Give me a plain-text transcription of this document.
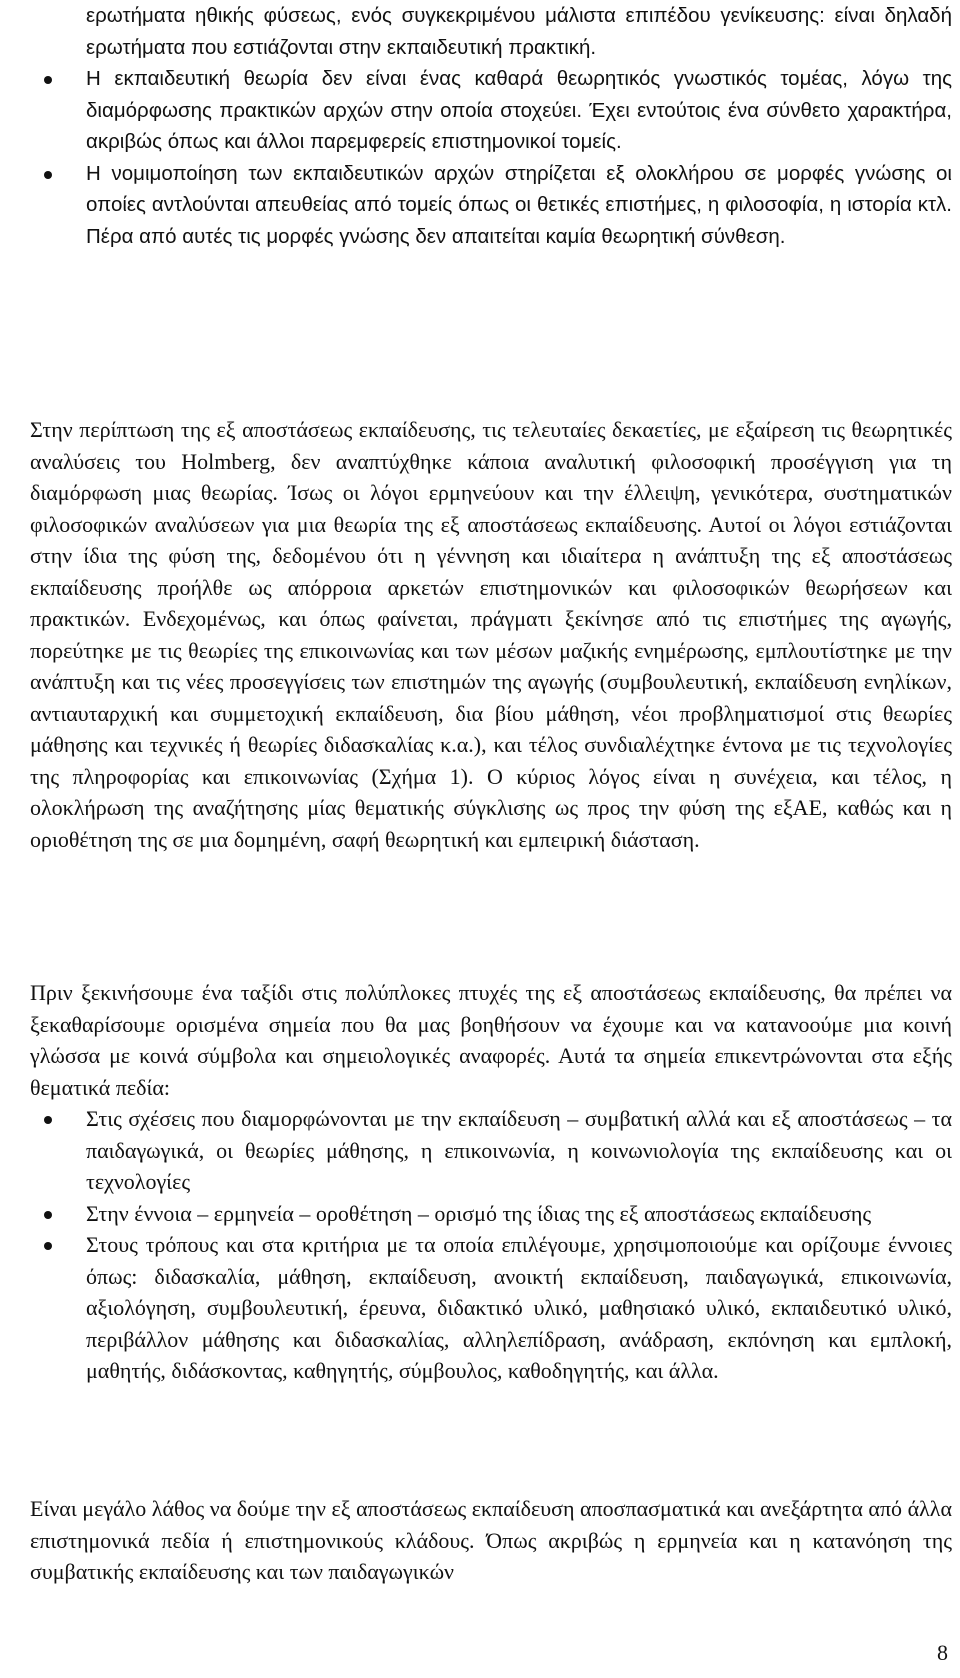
ερωτήματα ηθικής φύσεως, ενός συγκεκριμένου μάλιστα επιπέδου γενίκευσης: είναι δηλαδή ερωτήματα που εστιάζονται στην εκπαιδευτική πρακτική.

Η εκπαιδευτική θεωρία δεν είναι ένας καθαρά θεωρητικός γνωστικός τομέας, λόγω της διαμόρφωσης πρακτικών αρχών στην οποία στοχεύει. Έχει εντούτοις ένα σύνθετο χαρακτήρα, ακριβώς όπως και άλλοι παρεμφερείς επιστημονικοί τομείς.
Η νομιμοποίηση των εκπαιδευτικών αρχών στηρίζεται εξ ολοκλήρου σε μορφές γνώσης οι οποίες αντλούνται απευθείας από τομείς όπως οι θετικές επιστήμες, η φιλοσοφία, η ιστορία κτλ. Πέρα από αυτές τις μορφές γνώσης δεν απαιτείται καμία θεωρητική σύνθεση.

Στην περίπτωση της εξ αποστάσεως εκπαίδευσης, τις τελευταίες δεκαετίες, με εξαίρεση τις θεωρητικές αναλύσεις του Holmberg, δεν αναπτύχθηκε κάποια αναλυτική φιλοσοφική προσέγγιση για τη διαμόρφωση μιας θεωρίας. Ίσως οι λόγοι ερμηνεύουν και την έλλειψη, γενικότερα, συστηματικών φιλοσοφικών αναλύσεων για μια θεωρία της εξ αποστάσεως εκπαίδευσης. Αυτοί οι λόγοι εστιάζονται στην ίδια της φύση της, δεδομένου ότι η γέννηση και ιδιαίτερα η ανάπτυξη της εξ αποστάσεως εκπαίδευσης προήλθε ως απόρροια αρκετών επιστημονικών και φιλοσοφικών θεωρήσεων και πρακτικών. Ενδεχομένως, και όπως φαίνεται, πράγματι ξεκίνησε από τις επιστήμες της αγωγής, πορεύτηκε με τις θεωρίες της επικοινωνίας και των μέσων μαζικής ενημέρωσης, εμπλουτίστηκε με την ανάπτυξη και τις νέες προσεγγίσεις των επιστημών της αγωγής (συμβουλευτική, εκπαίδευση ενηλίκων, αντιαυταρχική και συμμετοχική εκπαίδευση, δια βίου μάθηση, νέοι προβληματισμοί στις θεωρίες μάθησης και τεχνικές ή θεωρίες διδασκαλίας κ.α.), και τέλος συνδιαλέχτηκε έντονα με τις τεχνολογίες της πληροφορίας και επικοινωνίας (Σχήμα 1). Ο κύριος λόγος είναι η συνέχεια, και τέλος, η ολοκλήρωση της αναζήτησης μίας θεματικής σύγκλισης ως προς την φύση της εξΑΕ, καθώς και η οριοθέτηση της σε μια δομημένη, σαφή θεωρητική και εμπειρική διάσταση.

Πριν ξεκινήσουμε ένα ταξίδι στις πολύπλοκες πτυχές της εξ αποστάσεως εκπαίδευσης, θα πρέπει να ξεκαθαρίσουμε ορισμένα σημεία που θα μας βοηθήσουν να έχουμε και να κατανοούμε μια κοινή γλώσσα με κοινά σύμβολα και σημειολογικές αναφορές. Αυτά τα σημεία επικεντρώνονται στα εξής θεματικά πεδία:

Στις σχέσεις που διαμορφώνονται με την εκπαίδευση – συμβατική αλλά και εξ αποστάσεως – τα παιδαγωγικά, οι θεωρίες μάθησης, η επικοινωνία, η κοινωνιολογία της εκπαίδευσης και οι τεχνολογίες
Στην έννοια – ερμηνεία – οροθέτηση – ορισμό της ίδιας της εξ αποστάσεως εκπαίδευσης
Στους τρόπους και στα κριτήρια με τα οποία επιλέγουμε, χρησιμοποιούμε και ορίζουμε έννοιες όπως: διδασκαλία, μάθηση, εκπαίδευση, ανοικτή εκπαίδευση, παιδαγωγικά, επικοινωνία, αξιολόγηση, συμβουλευτική, έρευνα, διδακτικό υλικό, μαθησιακό υλικό, εκπαιδευτικό υλικό, περιβάλλον μάθησης και διδασκαλίας, αλληλεπίδραση, ανάδραση, εκπόνηση και εμπλοκή, μαθητής, διδάσκοντας, καθηγητής, σύμβουλος, καθοδηγητής, και άλλα.

Είναι μεγάλο λάθος να δούμε την εξ αποστάσεως εκπαίδευση αποσπασματικά και ανεξάρτητα από άλλα επιστημονικά πεδία ή επιστημονικούς κλάδους. Όπως ακριβώς η ερμηνεία και η κατανόηση της συμβατικής εκπαίδευσης και των παιδαγωγικών

8
